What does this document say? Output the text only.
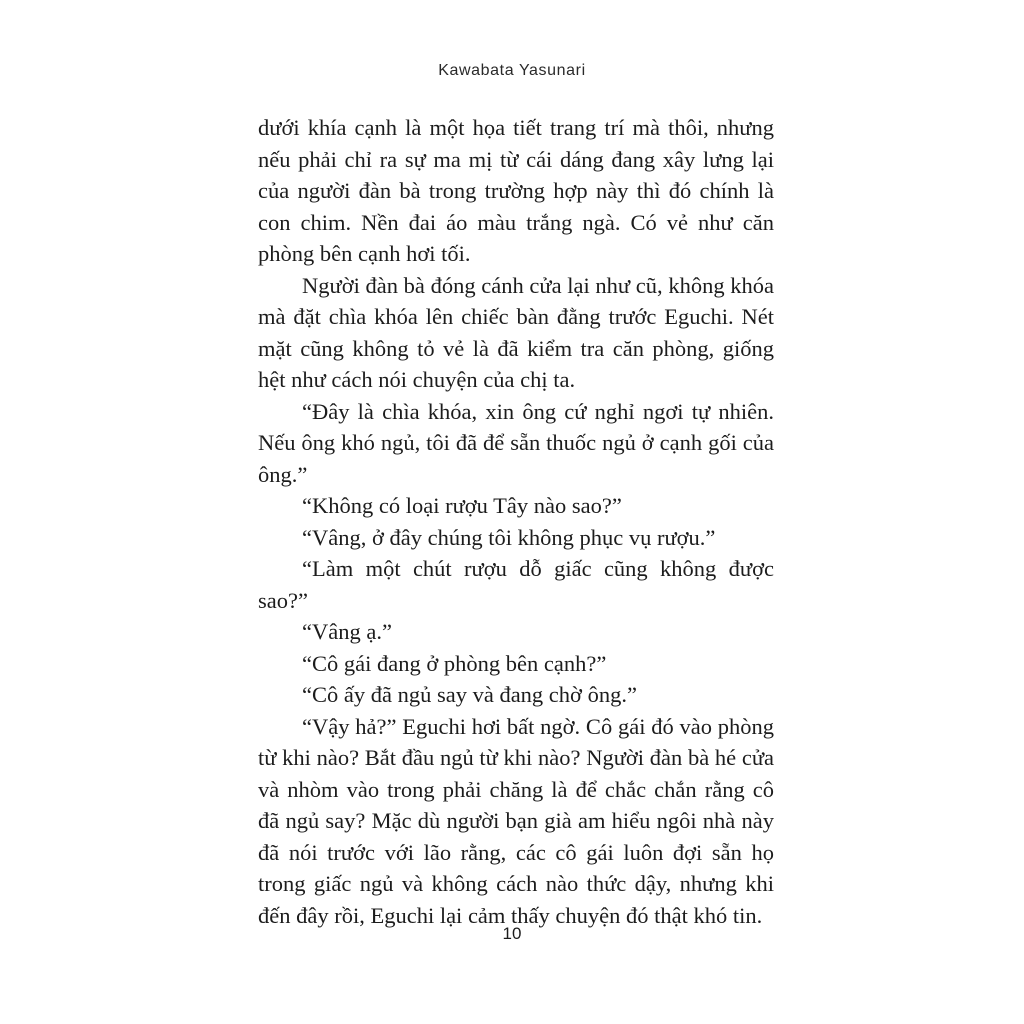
Kawabata Yasunari

dưới khía cạnh là một họa tiết trang trí mà thôi, nhưng nếu phải chỉ ra sự ma mị từ cái dáng đang xây lưng lại của người đàn bà trong trường hợp này thì đó chính là con chim. Nền đai áo màu trắng ngà. Có vẻ như căn phòng bên cạnh hơi tối.

Người đàn bà đóng cánh cửa lại như cũ, không khóa mà đặt chìa khóa lên chiếc bàn đằng trước Eguchi. Nét mặt cũng không tỏ vẻ là đã kiểm tra căn phòng, giống hệt như cách nói chuyện của chị ta.

“Đây là chìa khóa, xin ông cứ nghỉ ngơi tự nhiên. Nếu ông khó ngủ, tôi đã để sẵn thuốc ngủ ở cạnh gối của ông.”

“Không có loại rượu Tây nào sao?”

“Vâng, ở đây chúng tôi không phục vụ rượu.”

“Làm một chút rượu dỗ giấc cũng không được sao?”

“Vâng ạ.”

“Cô gái đang ở phòng bên cạnh?”

“Cô ấy đã ngủ say và đang chờ ông.”

“Vậy hả?” Eguchi hơi bất ngờ. Cô gái đó vào phòng từ khi nào? Bắt đầu ngủ từ khi nào? Người đàn bà hé cửa và nhòm vào trong phải chăng là để chắc chắn rằng cô đã ngủ say? Mặc dù người bạn già am hiểu ngôi nhà này đã nói trước với lão rằng, các cô gái luôn đợi sẵn họ trong giấc ngủ và không cách nào thức dậy, nhưng khi đến đây rồi, Eguchi lại cảm thấy chuyện đó thật khó tin.

10
